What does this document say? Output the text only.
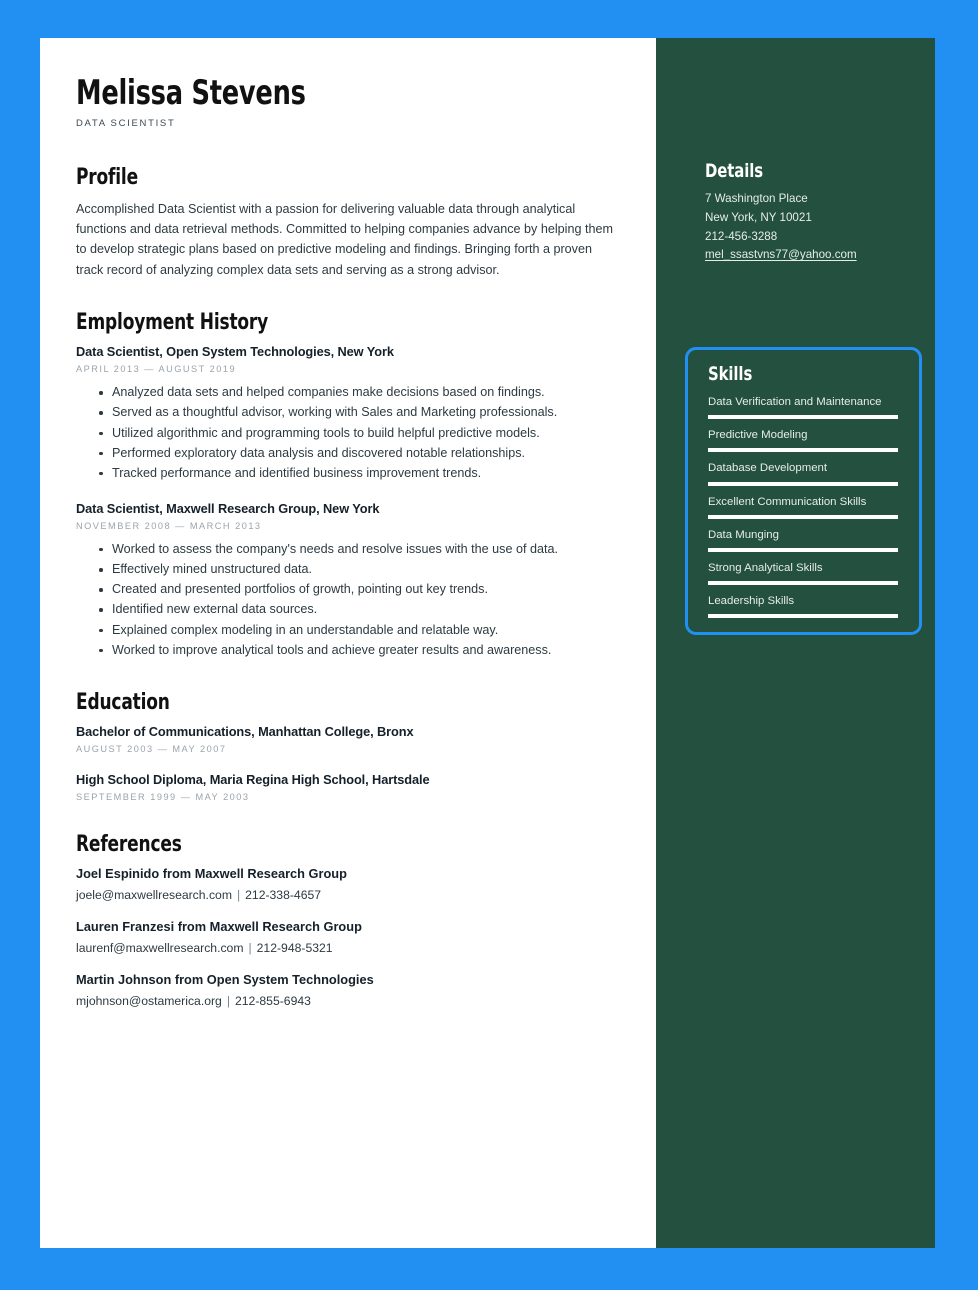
Melissa Stevens
DATA SCIENTIST
Profile
Accomplished Data Scientist with a passion for delivering valuable data through analytical functions and data retrieval methods. Committed to helping companies advance by helping them to develop strategic plans based on predictive modeling and findings. Bringing forth a proven track record of analyzing complex data sets and serving as a strong advisor.
Employment History
Data Scientist, Open System Technologies, New York
APRIL 2013 — AUGUST 2019
Analyzed data sets and helped companies make decisions based on findings.
Served as a thoughtful advisor, working with Sales and Marketing professionals.
Utilized algorithmic and programming tools to build helpful predictive models.
Performed exploratory data analysis and discovered notable relationships.
Tracked performance and identified business improvement trends.
Data Scientist, Maxwell Research Group, New York
NOVEMBER 2008 — MARCH 2013
Worked to assess the company's needs and resolve issues with the use of data.
Effectively mined unstructured data.
Created and presented portfolios of growth, pointing out key trends.
Identified new external data sources.
Explained complex modeling in an understandable and relatable way.
Worked to improve analytical tools and achieve greater results and awareness.
Education
Bachelor of Communications, Manhattan College, Bronx
AUGUST 2003 — MAY 2007
High School Diploma, Maria Regina High School, Hartsdale
SEPTEMBER 1999 — MAY 2003
References
Joel Espinido from Maxwell Research Group
joele@maxwellresearch.com | 212-338-4657
Lauren Franzesi from Maxwell Research Group
laurenf@maxwellresearch.com | 212-948-5321
Martin Johnson from Open System Technologies
mjohnson@ostamerica.org | 212-855-6943
Details
7 Washington Place
New York, NY 10021
212-456-3288
mel_ssastvns77@yahoo.com
Skills
Data Verification and Maintenance
Predictive Modeling
Database Development
Excellent Communication Skills
Data Munging
Strong Analytical Skills
Leadership Skills
